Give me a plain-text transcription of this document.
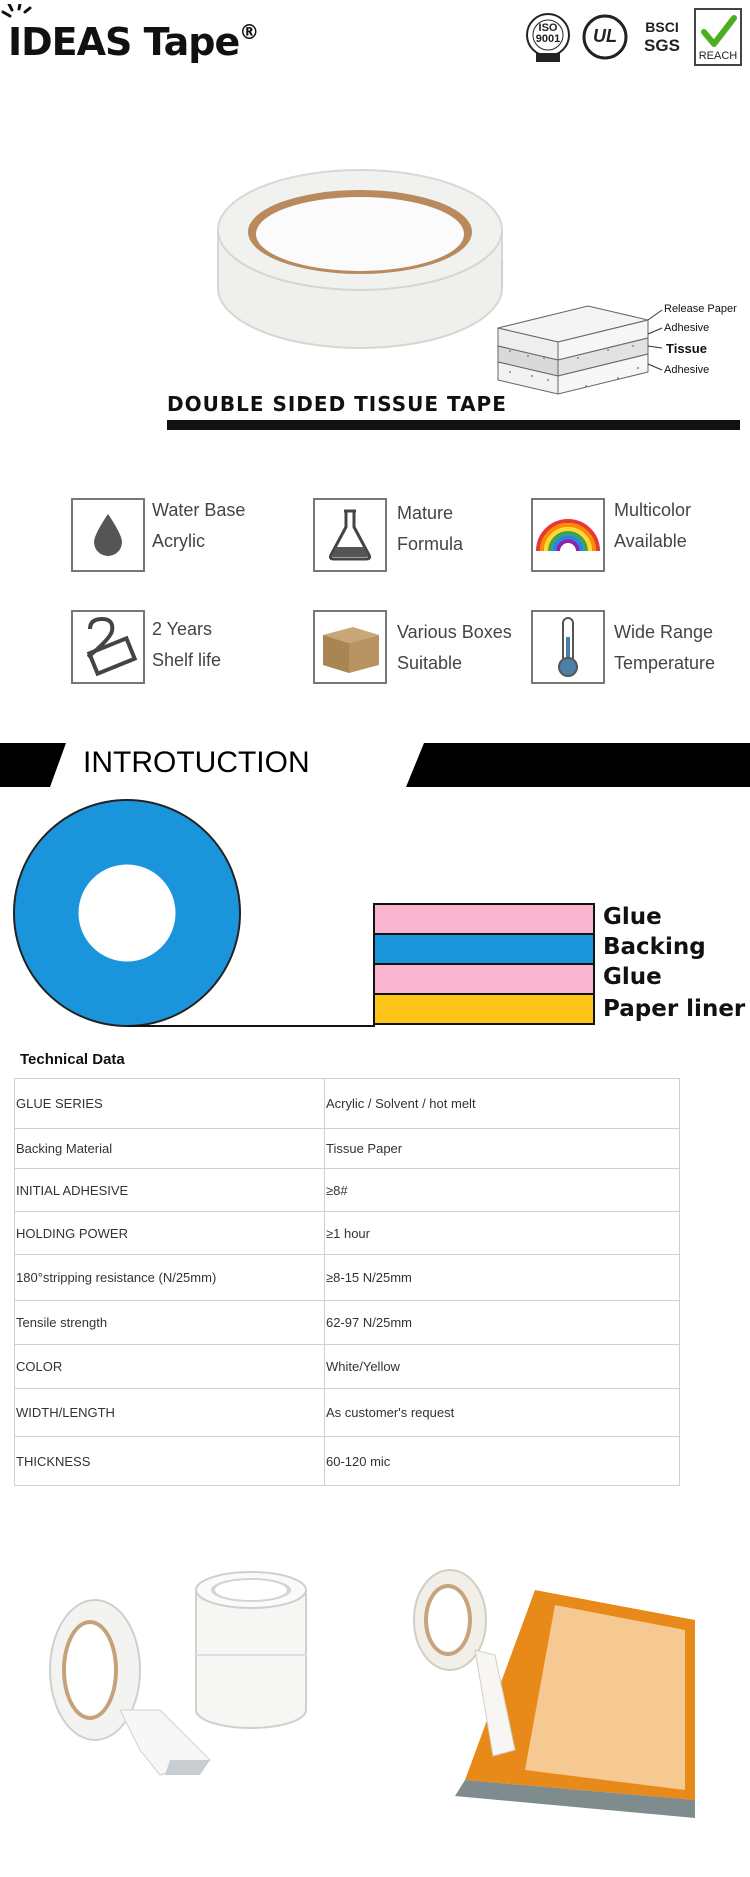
IDEAS Tape®	ISO
9001	UL	BSCI
SGS
REACH
Release Paper
Adhesive
Tissue
Adhesive
DOUBLE SIDED TISSUE TAPE
Water Base
Acrylic
Mature
Formula
Multicolor
Available
2 Years
Shelf life
Various Boxes
Suitable
Wide Range
Temperature
INTROTUCTION
Glue
Backing
Glue
Paper liner
Technical Data
GLUE SERIES	Acrylic / Solvent / hot melt
Backing Material	Tissue Paper
INITIAL ADHESIVE	≥8#
HOLDING POWER	≥1 hour
180°stripping resistance (N/25mm)	≥8-15 N/25mm
Tensile strength	62-97 N/25mm
COLOR	White/Yellow
WIDTH/LENGTH	As customer's request
THICKNESS	60-120 mic
